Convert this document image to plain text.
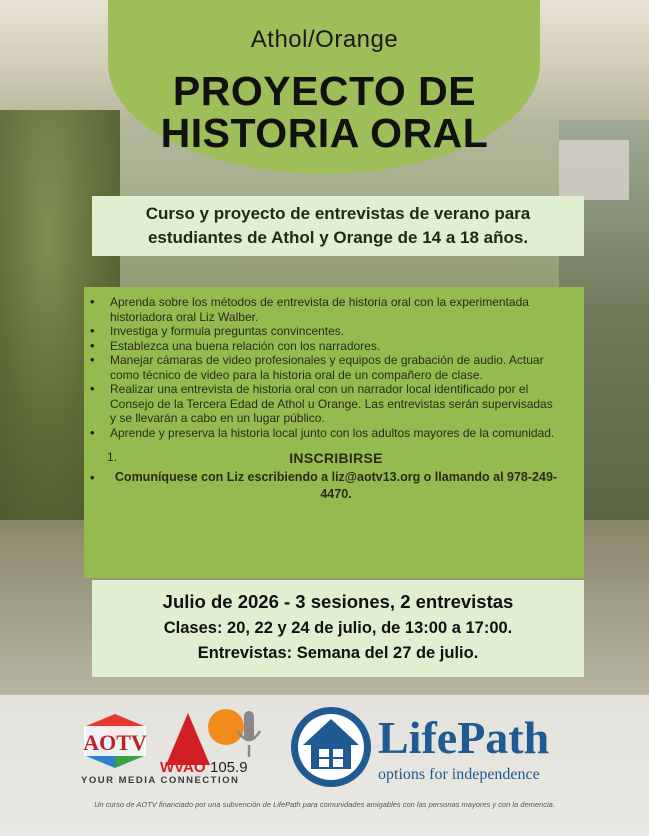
Athol/Orange
PROYECTO DE
HISTORIA ORAL
Curso y proyecto de entrevistas de verano para estudiantes de Athol y Orange de 14 a 18 años.
• Aprenda sobre los métodos de entrevista de historia oral con la experimentada historiadora oral Liz Walber.
• Investiga y formula preguntas convincentes.
• Establezca una buena relación con los narradores.
• Manejar cámaras de video profesionales y equipos de grabación de audio. Actuar como técnico de video para la historia oral de un compañero de clase.
• Realizar una entrevista de historia oral con un narrador local identificado por el Consejo de la Tercera Edad de Athol u Orange. Las entrevistas serán supervisadas y se llevarán a cabo en un lugar público.
• Aprende y preserva la historia local junto con los adultos mayores de la comunidad.
1.	INSCRIBIRSE
• Comuníquese con Liz escribiendo a liz@aotv13.org o llamando al 978-249-4470.
Julio de 2026 - 3 sesiones, 2 entrevistas
Clases: 20, 22 y 24 de julio, de 13:00 a 17:00.
Entrevistas: Semana del 27 de julio.
AOTV
WVAO 105.9
YOUR MEDIA CONNECTION
LifePath
options for independence
Un curso de AOTV financiado por una subvención de LifePath para comunidades amigables con las personas mayores y con la demencia.
